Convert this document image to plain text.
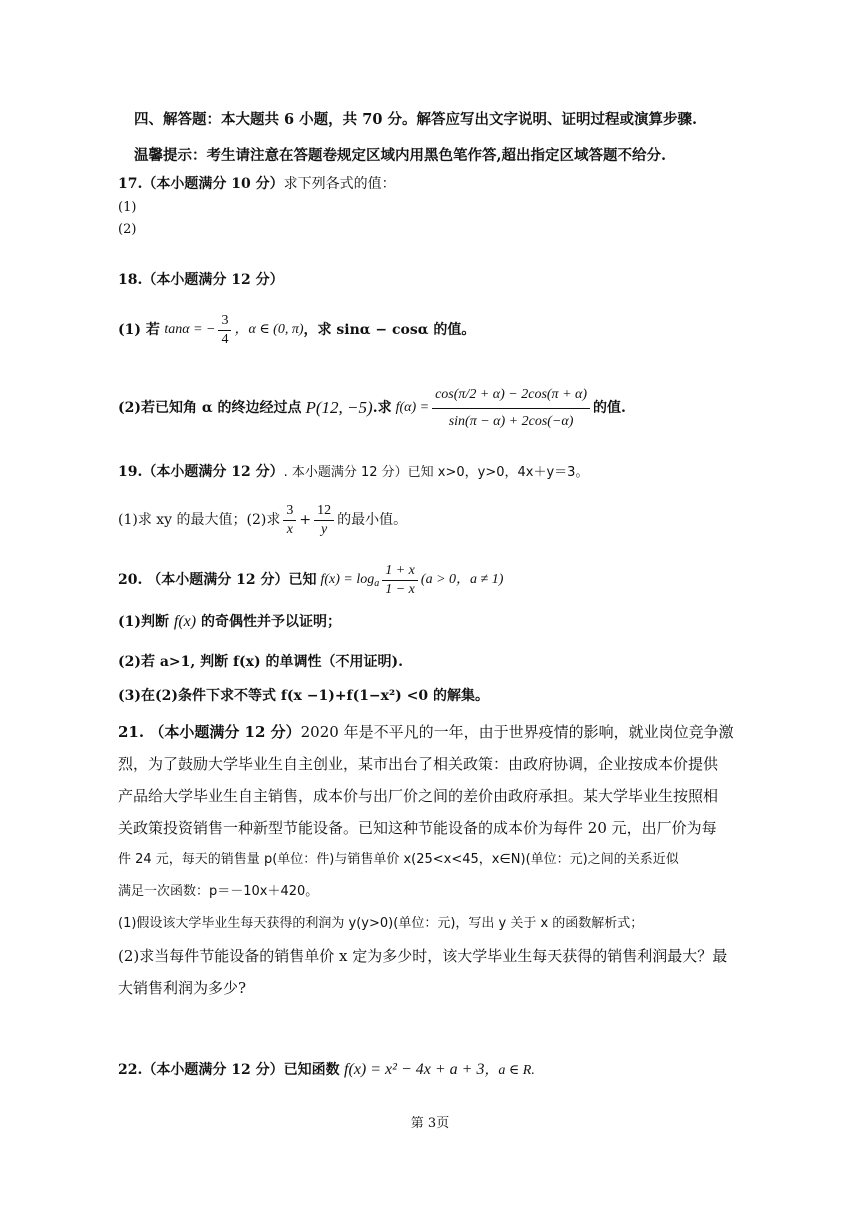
四、解答题：本大题共 6 小题，共 70 分。解答应写出文字说明、证明过程或演算步骤.
温馨提示：考生请注意在答题卷规定区域内用黑色笔作答,超出指定区域答题不给分.
17.（本小题满分 10 分）求下列各式的值：
(1)
(2)
18.（本小题满分 12 分）
(1) 若
tanα = − $\frac{3}{4}$ ，α ∈ (0, π) ，求 sinα − cosα 的值。
(2)若已知角 α 的终边经过点 P(12, −5) .求 $f(\alpha) = \frac{\cos(\pi/2 + \alpha) - 2\cos(\pi + \alpha)}{\sin(\pi - \alpha) + 2\cos(-\alpha)}$ 的值.
19.（本小题满分 12 分）. 本小题满分 12 分）已知 x>0，y>0，4x＋y＝3。
(1)求 xy 的最大值；(2)求 $\frac{3}{x} + \frac{12}{y}$ 的最小值。
20. （本小题满分 12 分） 已知 $f(x) = \log_a \frac{1 + x}{1 - x} (a > 0$，a ≠ 1)
(1)判断 f(x) 的奇偶性并予以证明；
(2)若 a>1, 判断 f(x) 的单调性（不用证明).
(3)在(2)条件下求不等式 f(x −1)+f(1−x²) <0 的解集。
21. （本小题满分 12 分）2020 年是不平凡的一年，由于世界疫情的影响，就业岗位竞争激
烈，为了鼓励大学毕业生自主创业，某市出台了相关政策：由政府协调，企业按成本价提供
产品给大学毕业生自主销售，成本价与出厂价之间的差价由政府承担。某大学毕业生按照相
关政策投资销售一种新型节能设备。已知这种节能设备的成本价为每件 20 元，出厂价为每
件 24 元，每天的销售量 p(单位：件)与销售单价 x(25<x<45，x∈N)(单位：元)之间的关系近似
满足一次函数：p＝－10x＋420。
(1)假设该大学毕业生每天获得的利润为 y(y>0)(单位：元)，写出 y 关于 x 的函数解析式；
(2)求当每件节能设备的销售单价 x 定为多少时，该大学毕业生每天获得的销售利润最大？最
大销售利润为多少?
22.（本小题满分 12 分）已知函数 f(x) = x² − 4x + a + 3，a ∈ R.
第 3页
